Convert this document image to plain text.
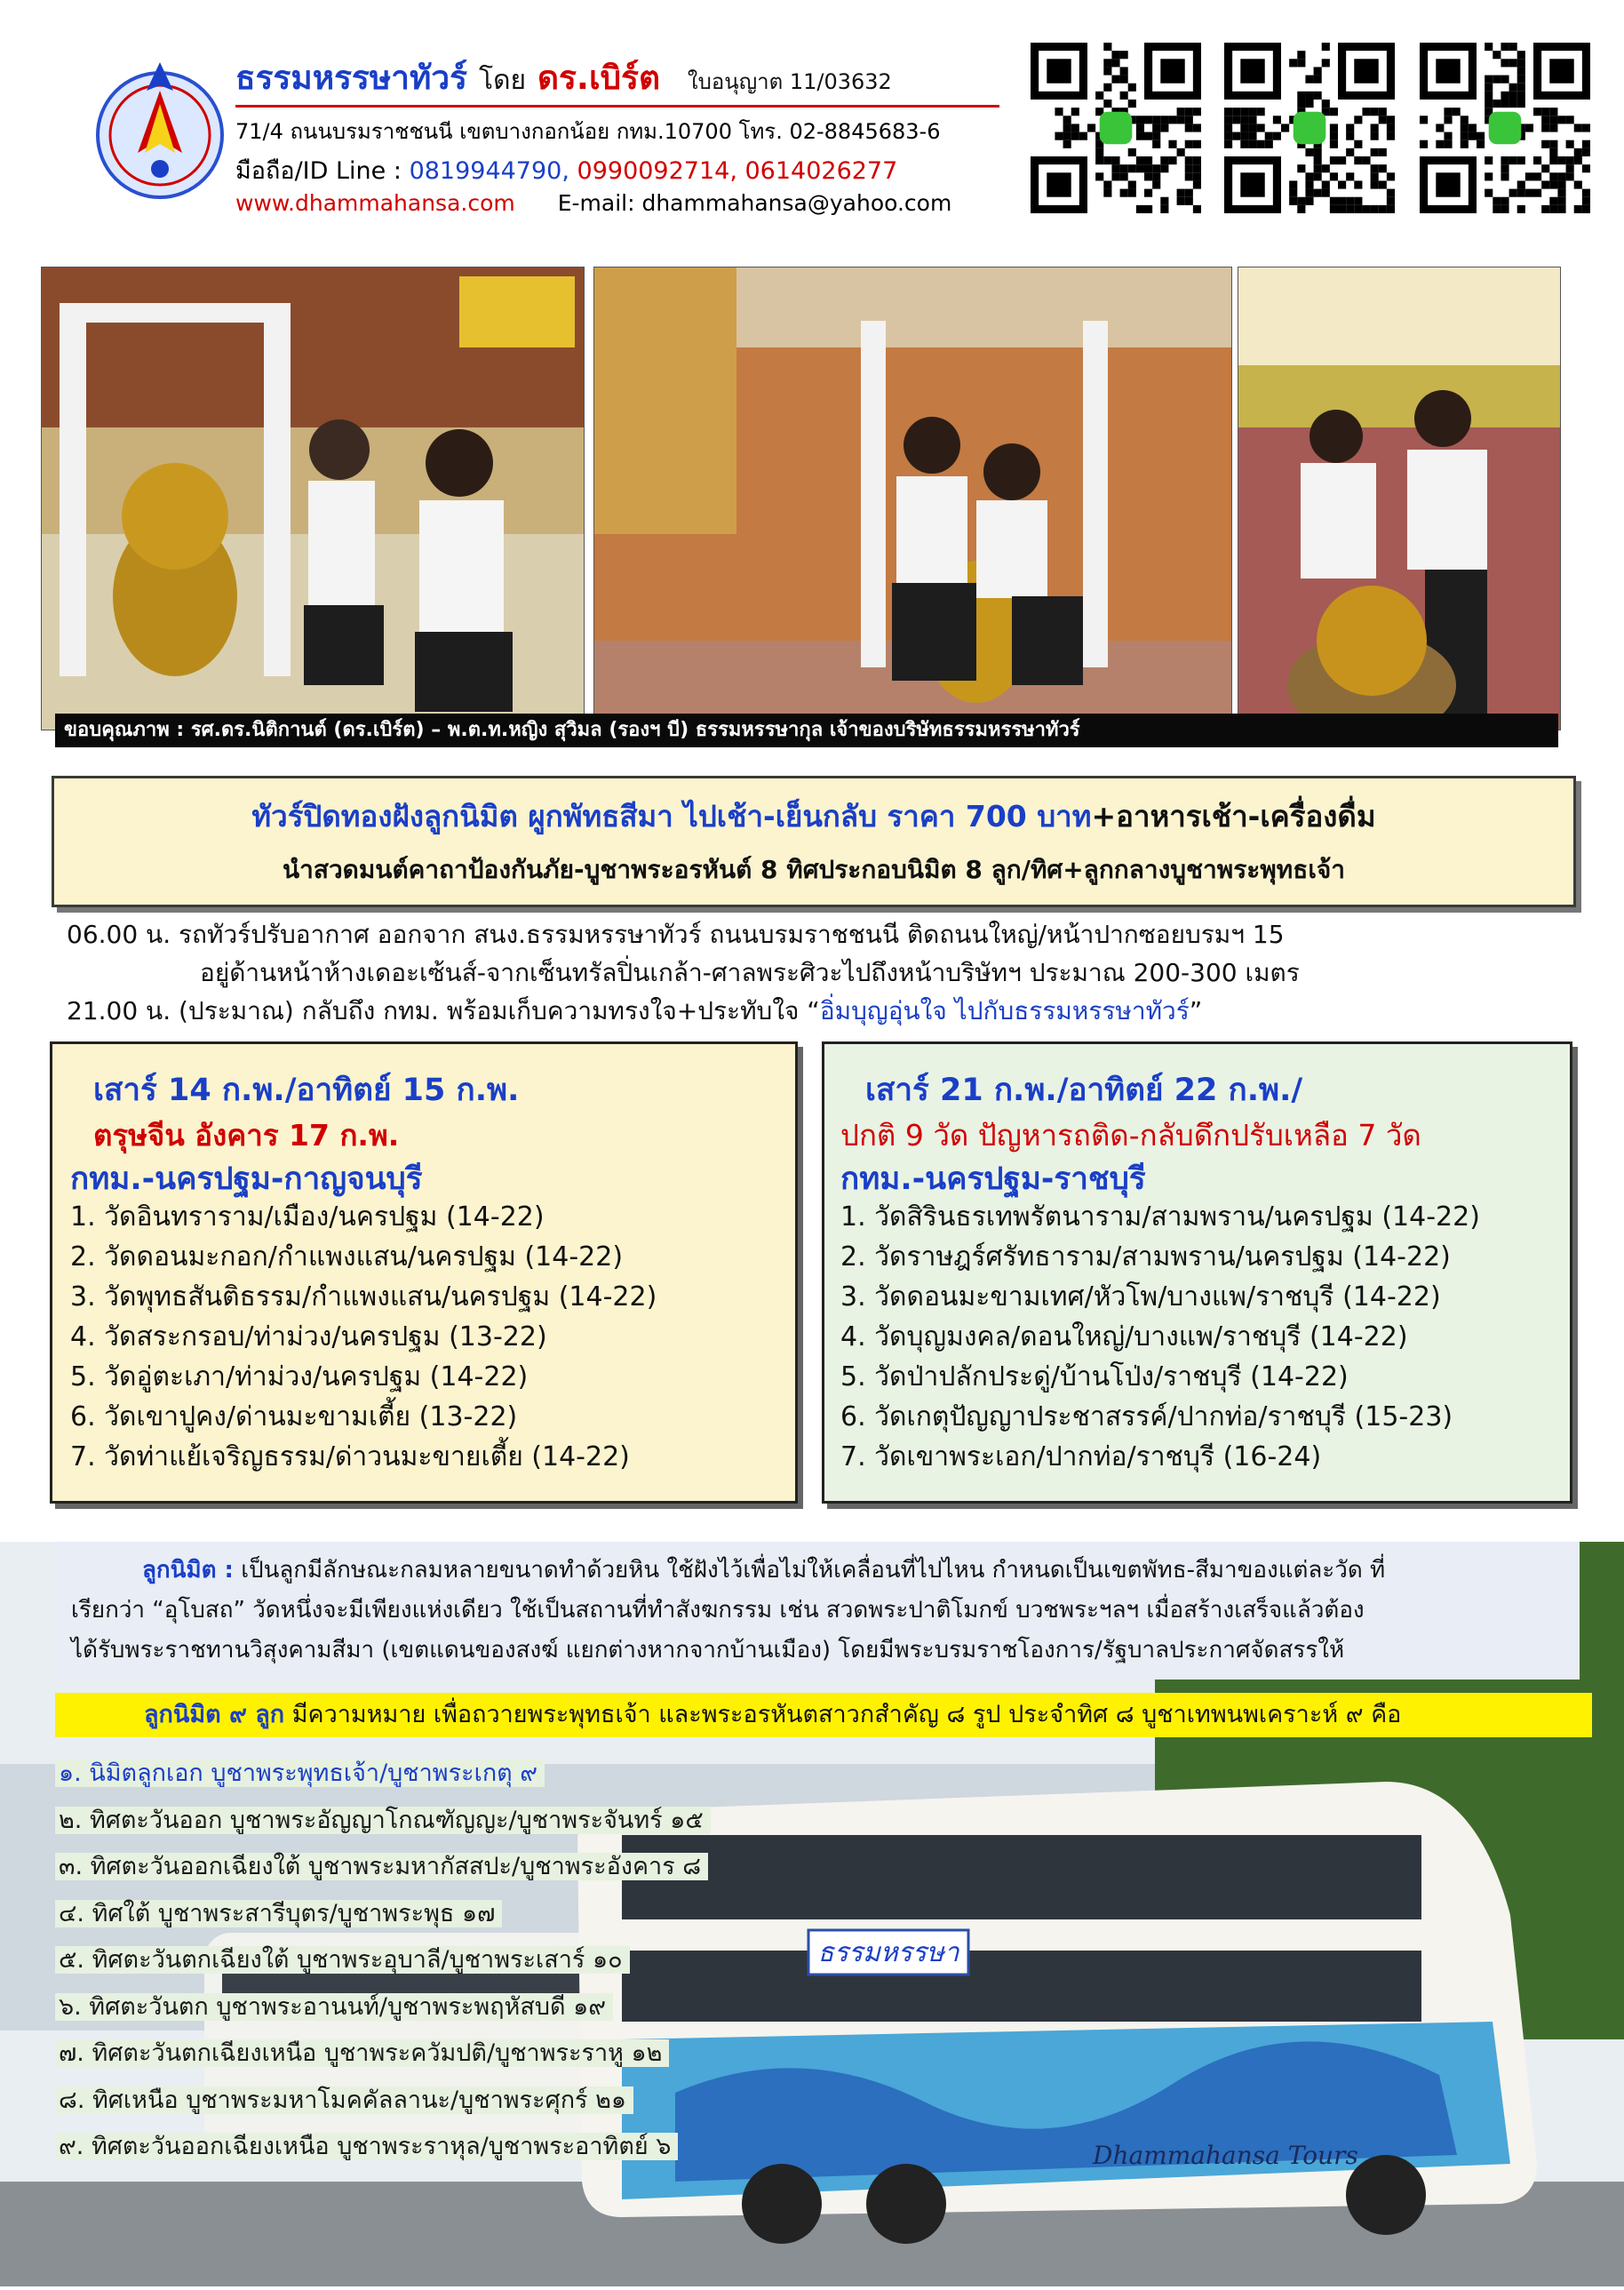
ธรรมหรรษาทัวร์ โดย ดร.เบิร์ต ใบอนุญาต 11/03632
71/4 ถนนบรมราชชนนี เขตบางกอกน้อย กทม.10700 โทร. 02-8845683-6
มือถือ/ID Line : 0819944790, 0990092714, 0614026277
www.dhammahansa.com E-mail: dhammahansa@yahoo.com
ขอบคุณภาพ : รศ.ดร.นิติกานต์ (ดร.เบิร์ต) – พ.ต.ท.หญิง สุวิมล (รองฯ บี) ธรรมหรรษากุล เจ้าของบริษัทธรรมหรรษาทัวร์
ทัวร์ปิดทองฝังลูกนิมิต ผูกพัทธสีมา ไปเช้า-เย็นกลับ ราคา 700 บาท+อาหารเช้า-เครื่องดื่ม
นำสวดมนต์คาถาป้องกันภัย-บูชาพระอรหันต์ 8 ทิศประกอบนิมิต 8 ลูก/ทิศ+ลูกกลางบูชาพระพุทธเจ้า
06.00 น. รถทัวร์ปรับอากาศ ออกจาก สนง.ธรรมหรรษาทัวร์ ถนนบรมราชชนนี ติดถนนใหญ่/หน้าปากซอยบรมฯ 15
อยู่ด้านหน้าห้างเดอะเซ้นส์-จากเซ็นทรัลปิ่นเกล้า-ศาลพระศิวะไปถึงหน้าบริษัทฯ ประมาณ 200-300 เมตร
21.00 น. (ประมาณ) กลับถึง กทม. พร้อมเก็บความทรงใจ+ประทับใจ “อิ่มบุญอุ่นใจ ไปกับธรรมหรรษาทัวร์”
เสาร์ 14 ก.พ./อาทิตย์ 15 ก.พ.
ตรุษจีน อังคาร 17 ก.พ.
กทม.-นครปฐม-กาญจนบุรี
1. วัดอินทราราม/เมือง/นครปฐม (14-22)
2. วัดดอนมะกอก/กำแพงแสน/นครปฐม (14-22)
3. วัดพุทธสันติธรรม/กำแพงแสน/นครปฐม (14-22)
4. วัดสระกรอบ/ท่าม่วง/นครปฐม (13-22)
5. วัดอู่ตะเภา/ท่าม่วง/นครปฐม (14-22)
6. วัดเขาปูคง/ด่านมะขามเตี้ย (13-22)
7. วัดท่าแย้เจริญธรรม/ด่าวนมะขายเตี้ย (14-22)
เสาร์ 21 ก.พ./อาทิตย์ 22 ก.พ./
ปกติ 9 วัด ปัญหารถติด-กลับดึกปรับเหลือ 7 วัด
กทม.-นครปฐม-ราชบุรี
1. วัดสิรินธรเทพรัตนาราม/สามพราน/นครปฐม (14-22)
2. วัดราษฎร์ศรัทธาราม/สามพราน/นครปฐม (14-22)
3. วัดดอนมะขามเทศ/หัวโพ/บางแพ/ราชบุรี (14-22)
4. วัดบุญมงคล/ดอนใหญ่/บางแพ/ราชบุรี (14-22)
5. วัดป่าปลักประดู่/บ้านโป่ง/ราชบุรี (14-22)
6. วัดเกตุปัญญาประชาสรรค์/ปากท่อ/ราชบุรี (15-23)
7. วัดเขาพระเอก/ปากท่อ/ราชบุรี (16-24)
ธรรมหรรษา
Dhammahansa Tours
ลูกนิมิต : เป็นลูกมีลักษณะกลมหลายขนาดทำด้วยหิน ใช้ฝังไว้เพื่อไม่ให้เคลื่อนที่ไปไหน กำหนดเป็นเขตพัทธ-สีมาของแต่ละวัด ที่
เรียกว่า “อุโบสถ” วัดหนึ่งจะมีเพียงแห่งเดียว ใช้เป็นสถานที่ทำสังฆกรรม เช่น สวดพระปาติโมกข์ บวชพระฯลฯ เมื่อสร้างเสร็จแล้วต้อง
ได้รับพระราชทานวิสุงคามสีมา (เขตแดนของสงฆ์ แยกต่างหากจากบ้านเมือง) โดยมีพระบรมราชโองการ/รัฐบาลประกาศจัดสรรให้
ลูกนิมิต ๙ ลูก มีความหมาย เพื่อถวายพระพุทธเจ้า และพระอรหันตสาวกสำคัญ ๘ รูป ประจำทิศ ๘ บูชาเทพนพเคราะห์ ๙ คือ
๑. นิมิตลูกเอก บูชาพระพุทธเจ้า/บูชาพระเกตุ ๙
๒. ทิศตะวันออก บูชาพระอัญญาโกณฑัญญะ/บูชาพระจันทร์ ๑๕
๓. ทิศตะวันออกเฉียงใต้ บูชาพระมหากัสสปะ/บูชาพระอังคาร ๘
๔. ทิศใต้ บูชาพระสารีบุตร/บูชาพระพุธ ๑๗
๕. ทิศตะวันตกเฉียงใต้ บูชาพระอุบาลี/บูชาพระเสาร์ ๑๐
๖. ทิศตะวันตก บูชาพระอานนท์/บูชาพระพฤหัสบดี ๑๙
๗. ทิศตะวันตกเฉียงเหนือ บูชาพระควัมปติ/บูชาพระราหู ๑๒
๘. ทิศเหนือ บูชาพระมหาโมคคัลลานะ/บูชาพระศุกร์ ๒๑
๙. ทิศตะวันออกเฉียงเหนือ บูชาพระราหุล/บูชาพระอาทิตย์ ๖
